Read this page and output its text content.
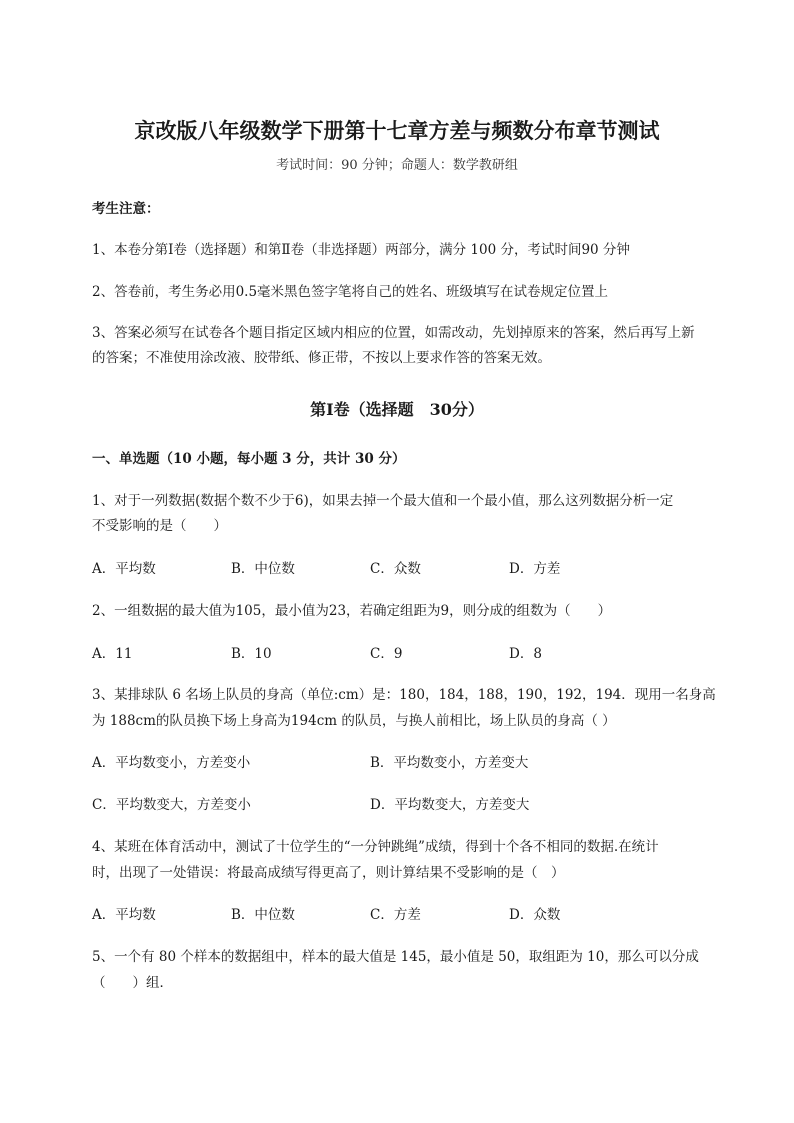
京改版八年级数学下册第十七章方差与频数分布章节测试
考试时间：90 分钟；命题人：数学教研组
考生注意：
1、本卷分第I卷（选择题）和第Ⅱ卷（非选择题）两部分，满分 100 分，考试时间90 分钟
2、答卷前，考生务必用0.5毫米黑色签字笔将自己的姓名、班级填写在试卷规定位置上
3、答案必须写在试卷各个题目指定区域内相应的位置，如需改动，先划掉原来的答案，然后再写上新
的答案；不准使用涂改液、胶带纸、修正带，不按以上要求作答的答案无效。
第I卷（选择题　30分）
一、单选题（10 小题，每小题 3 分，共计 30 分）
1、对于一列数据(数据个数不少于6)，如果去掉一个最大值和一个最小值，那么这列数据分析一定
不受影响的是（　　）
A．平均数	B．中位数	C．众数	D．方差
2、一组数据的最大值为105，最小值为23，若确定组距为9，则分成的组数为（　　）
A．11	B．10	C．9	D．8
3、某排球队 6 名场上队员的身高（单位:cm）是：180，184，188，190，192，194．现用一名身高
为 188cm的队员换下场上身高为194cm 的队员，与换人前相比，场上队员的身高（ ）
A．平均数变小，方差变小	B．平均数变小，方差变大
C．平均数变大，方差变小	D．平均数变大，方差变大
4、某班在体育活动中，测试了十位学生的“一分钟跳绳”成绩，得到十个各不相同的数据.在统计
时，出现了一处错误：将最高成绩写得更高了，则计算结果不受影响的是（　）
A．平均数	B．中位数	C．方差	D．众数
5、一个有 80 个样本的数据组中，样本的最大值是 145，最小值是 50，取组距为 10，那么可以分成
（　　）组．
